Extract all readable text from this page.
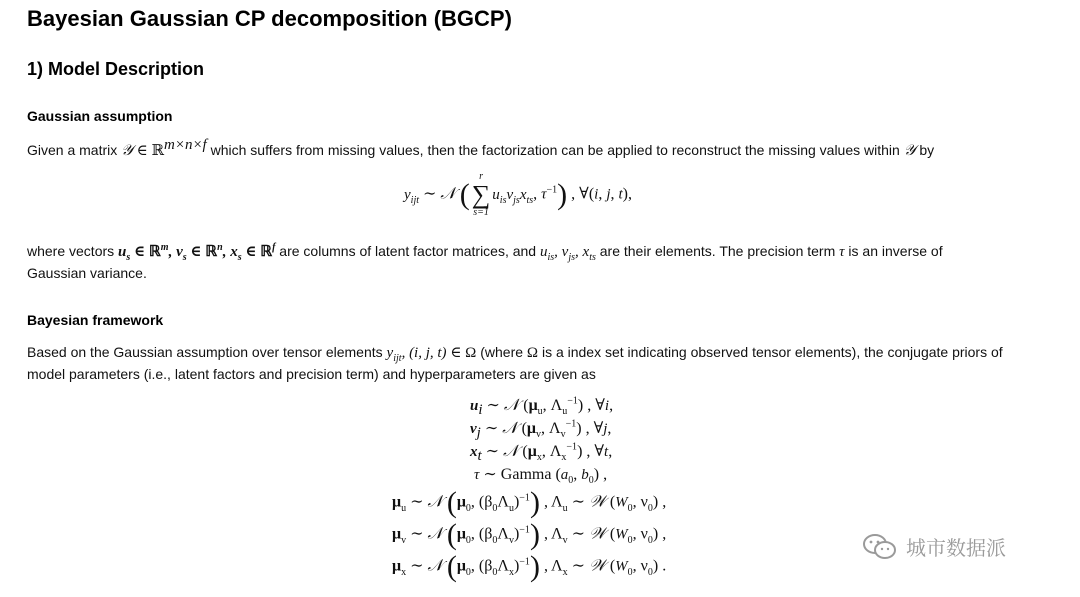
Bayesian Gaussian CP decomposition (BGCP)
1) Model Description
Gaussian assumption

Given a matrix 𝒴 ∈ ℝ$^{m\times n\times f}$ which suffers from missing values, then the factorization can be applied to reconstruct the missing values within 𝒴 by

$y_{ijt}$ ∼ 𝒩 (
r
∑
s=1
$u_{is}v_{js}x_{ts}$, $\tau^{-1}$) , ∀(i, j, t),

where vectors $u_s$ ∈ ℝ$^m$, $v_s$ ∈ ℝ$^n$, $x_s$ ∈ ℝ$^f$ are columns of latent factor matrices, and $u_{is}$, $v_{js}$, $x_{ts}$ are their elements. The precision term τ is an inverse of

Gaussian variance.

Bayesian framework

Based on the Gaussian assumption over tensor elements $y_{ijt}$, (i, j, t) ∈ Ω (where Ω is a index set indicating observed tensor elements), the conjugate priors of

model parameters (i.e., latent factors and precision term) and hyperparameters are given as

$u_i$ ∼ 𝒩 ($\mu_u$, $\Lambda_u^{-1}$) , ∀i,
$v_j$ ∼ 𝒩 ($\mu_v$, $\Lambda_v^{-1}$) , ∀j,
$x_t$ ∼ 𝒩 ($\mu_x$, $\Lambda_x^{-1}$) , ∀t,
τ ∼ Gamma ($a_0$, $b_0$) ,
$\mu_u$ ∼ 𝒩 ($\mu_0$, $(\beta_0\Lambda_u)^{-1}$) , $\Lambda_u$ ∼ 𝒲 ($W_0$, $\nu_0$) ,
$\mu_v$ ∼ 𝒩 ($\mu_0$, $(\beta_0\Lambda_v)^{-1}$) , $\Lambda_v$ ∼ 𝒲 ($W_0$, $\nu_0$) ,
$\mu_x$ ∼ 𝒩 ($\mu_0$, $(\beta_0\Lambda_x)^{-1}$) , $\Lambda_x$ ∼ 𝒲 ($W_0$, $\nu_0$) .
城市数据派
